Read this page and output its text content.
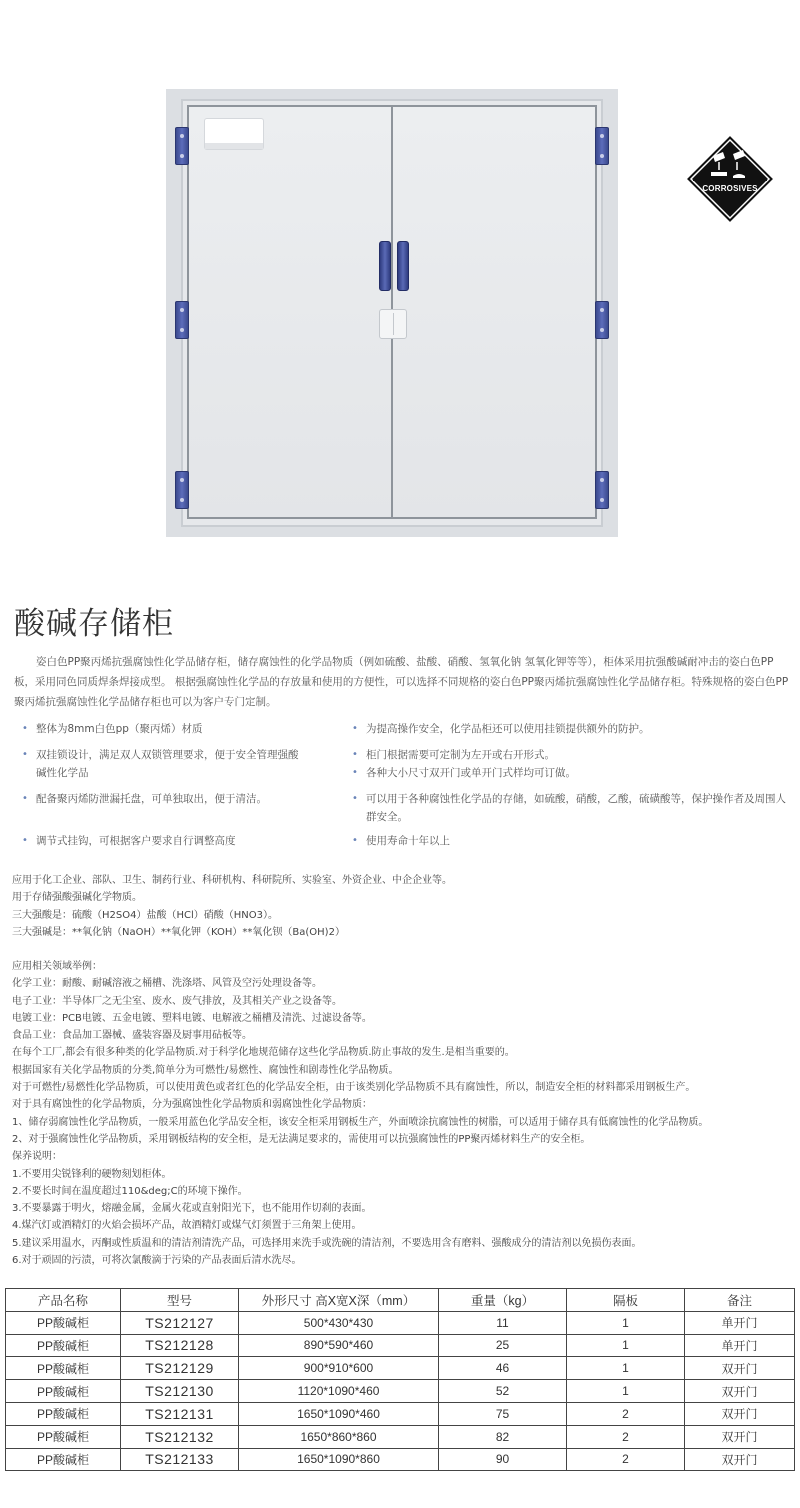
CORROSIVES
酸碱存储柜

姿白色PP聚丙烯抗强腐蚀性化学品储存柜，储存腐蚀性的化学品物质（例如硫酸、盐酸、硝酸、氢氧化钠 氢氧化钾等等），柜体采用抗强酸碱耐冲击的姿白色PP板，采用同色同质焊条焊接成型。 根据强腐蚀性化学品的存放量和使用的方便性，可以选择不同规格的姿白色PP聚丙烯抗强腐蚀性化学品储存柜。特殊规格的姿白色PP聚丙烯抗强腐蚀性化学品储存柜也可以为客户专门定制。

• 整体为8mm白色pp（聚丙烯）材质
• 双挂锁设计，满足双人双锁管理要求，便于安全管理强酸碱性化学品
• 配备聚丙烯防泄漏托盘，可单独取出，便于清洁。
• 调节式挂钩，可根据客户要求自行调整高度
• 为提高操作安全，化学品柜还可以使用挂锁提供额外的防护。
• 柜门根据需要可定制为左开或右开形式。
• 各种大小尺寸双开门或单开门式样均可订做。
• 可以用于各种腐蚀性化学品的存储，如硫酸，硝酸，乙酸，硫磺酸等，保护操作者及周围人群安全。
• 使用寿命十年以上

应用于化工企业、部队、卫生、制药行业、科研机构、科研院所、实验室、外资企业、中企企业等。

用于存储强酸强碱化学物质。

三大强酸是：硫酸（H2SO4）盐酸（HCl）硝酸（HNO3）。

三大强碱是：**氧化钠（NaOH）**氧化钾（KOH）**氧化钡（Ba(OH)2）

应用相关领域举例：

化学工业：耐酸、耐碱溶液之桶槽、洗涤塔、风管及空污处理设备等。

电子工业：半导体厂之无尘室、废水、废气排放，及其相关产业之设备等。

电镀工业：PCB电镀、五金电镀、塑料电镀、电解液之桶槽及清洗、过滤设备等。

食品工业：食品加工器械、盛装容器及厨事用砧板等。

在每个工厂,都会有很多种类的化学品物质.对于科学化地规范储存这些化学品物质.防止事故的发生.是相当重要的。

根据国家有关化学品物质的分类,简单分为可燃性/易燃性、腐蚀性和剧毒性化学品物质。

对于可燃性/易燃性化学品物质，可以使用黄色或者红色的化学品安全柜，由于该类别化学品物质不具有腐蚀性，所以，制造安全柜的材料都采用钢板生产。

对于具有腐蚀性的化学品物质，分为强腐蚀性化学品物质和弱腐蚀性化学品物质：

1、储存弱腐蚀性化学品物质，一般采用蓝色化学品安全柜，该安全柜采用钢板生产，外面喷涂抗腐蚀性的树脂，可以适用于储存具有低腐蚀性的化学品物质。

2、对于强腐蚀性化学品物质，采用钢板结构的安全柜，是无法满足要求的，需使用可以抗强腐蚀性的PP聚丙烯材料生产的安全柜。

保养说明：

1.不要用尖锐锋利的硬物刻划柜体。

2.不要长时间在温度超过110&deg;C的环境下操作。

3.不要暴露于明火，熔融金属，金属火花或直射阳光下，也不能用作切刹的表面。

4.煤汽灯或酒精灯的火焰会损坏产品，故酒精灯或煤气灯须置于三角架上使用。

5.建议采用温水，丙酮或性质温和的清洁剂清洗产品，可选择用来洗手或洗碗的清洁剂，不要选用含有磨料、强酸成分的清洁剂以免损伤表面。

6.对于顽固的污渍，可将次氯酸滴于污染的产品表面后清水洗尽。

产品名称	型号	外形尺寸 高X宽X深（mm）	重量（kg）	隔板	备注
PP酸碱柜	TS212127	500*430*430	11	1	单开门
PP酸碱柜	TS212128	890*590*460	25	1	单开门
PP酸碱柜	TS212129	900*910*600	46	1	双开门
PP酸碱柜	TS212130	1120*1090*460	52	1	双开门
PP酸碱柜	TS212131	1650*1090*460	75	2	双开门
PP酸碱柜	TS212132	1650*860*860	82	2	双开门
PP酸碱柜	TS212133	1650*1090*860	90	2	双开门
